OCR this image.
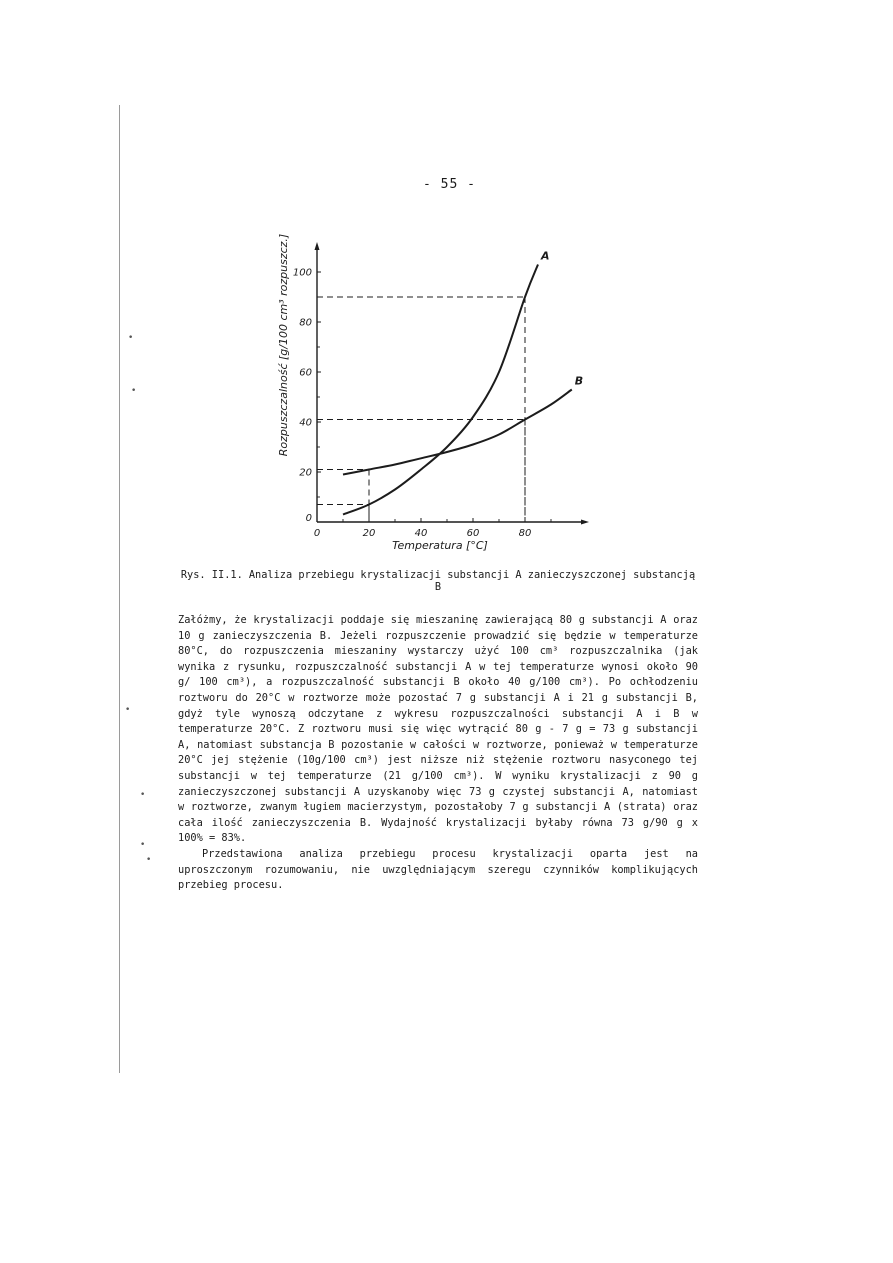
•
•
•
•
•
•
- 55 -
0	20	40	60	80
0
20
40
60
80
100
A
B
Rozpuszczalność [g/100 cm³ rozpuszcz.]
Temperatura [°C]
Rys. II.1. Analiza przebiegu krystalizacji substancji A zanieczyszczonej substancją B

Załóżmy, że krystalizacji poddaje się mieszaninę zawierającą 80 g substancji A oraz 10 g zanieczyszczenia B. Jeżeli rozpuszczenie prowadzić się będzie w temperaturze 80°C, do rozpuszczenia mieszaniny wystarczy użyć 100 cm³ rozpuszczalnika (jak wynika z rysunku, rozpuszczalność substancji A w tej temperaturze wynosi około 90 g/ 100 cm³), a rozpuszczalność substancji B około 40 g/100 cm³). Po ochłodzeniu roztworu do 20°C w roztworze może pozostać 7 g substancji A i 21 g substancji B, gdyż tyle wynoszą odczytane z wykresu rozpuszczalności substancji A i B w temperaturze 20°C. Z roztworu musi się więc wytrącić 80 g - 7 g = 73 g substancji A, natomiast substancja B pozostanie w całości w roztworze, ponieważ w temperaturze 20°C jej stężenie (10g/100 cm³) jest niższe niż stężenie roztworu nasyconego tej substancji w tej temperaturze (21 g/100 cm³). W wyniku krystalizacji z 90 g zanieczyszczonej substancji A uzyskanoby więc 73 g czystej substancji A, natomiast w roztworze, zwanym ługiem macierzystym, pozostałoby 7 g substancji A (strata) oraz cała ilość zanieczyszczenia B. Wydajność krystalizacji byłaby równa 73 g/90 g x 100% = 83%.

Przedstawiona analiza przebiegu procesu krystalizacji oparta jest na uproszczonym rozumowaniu, nie uwzględniającym szeregu czynników komplikujących przebieg procesu.
